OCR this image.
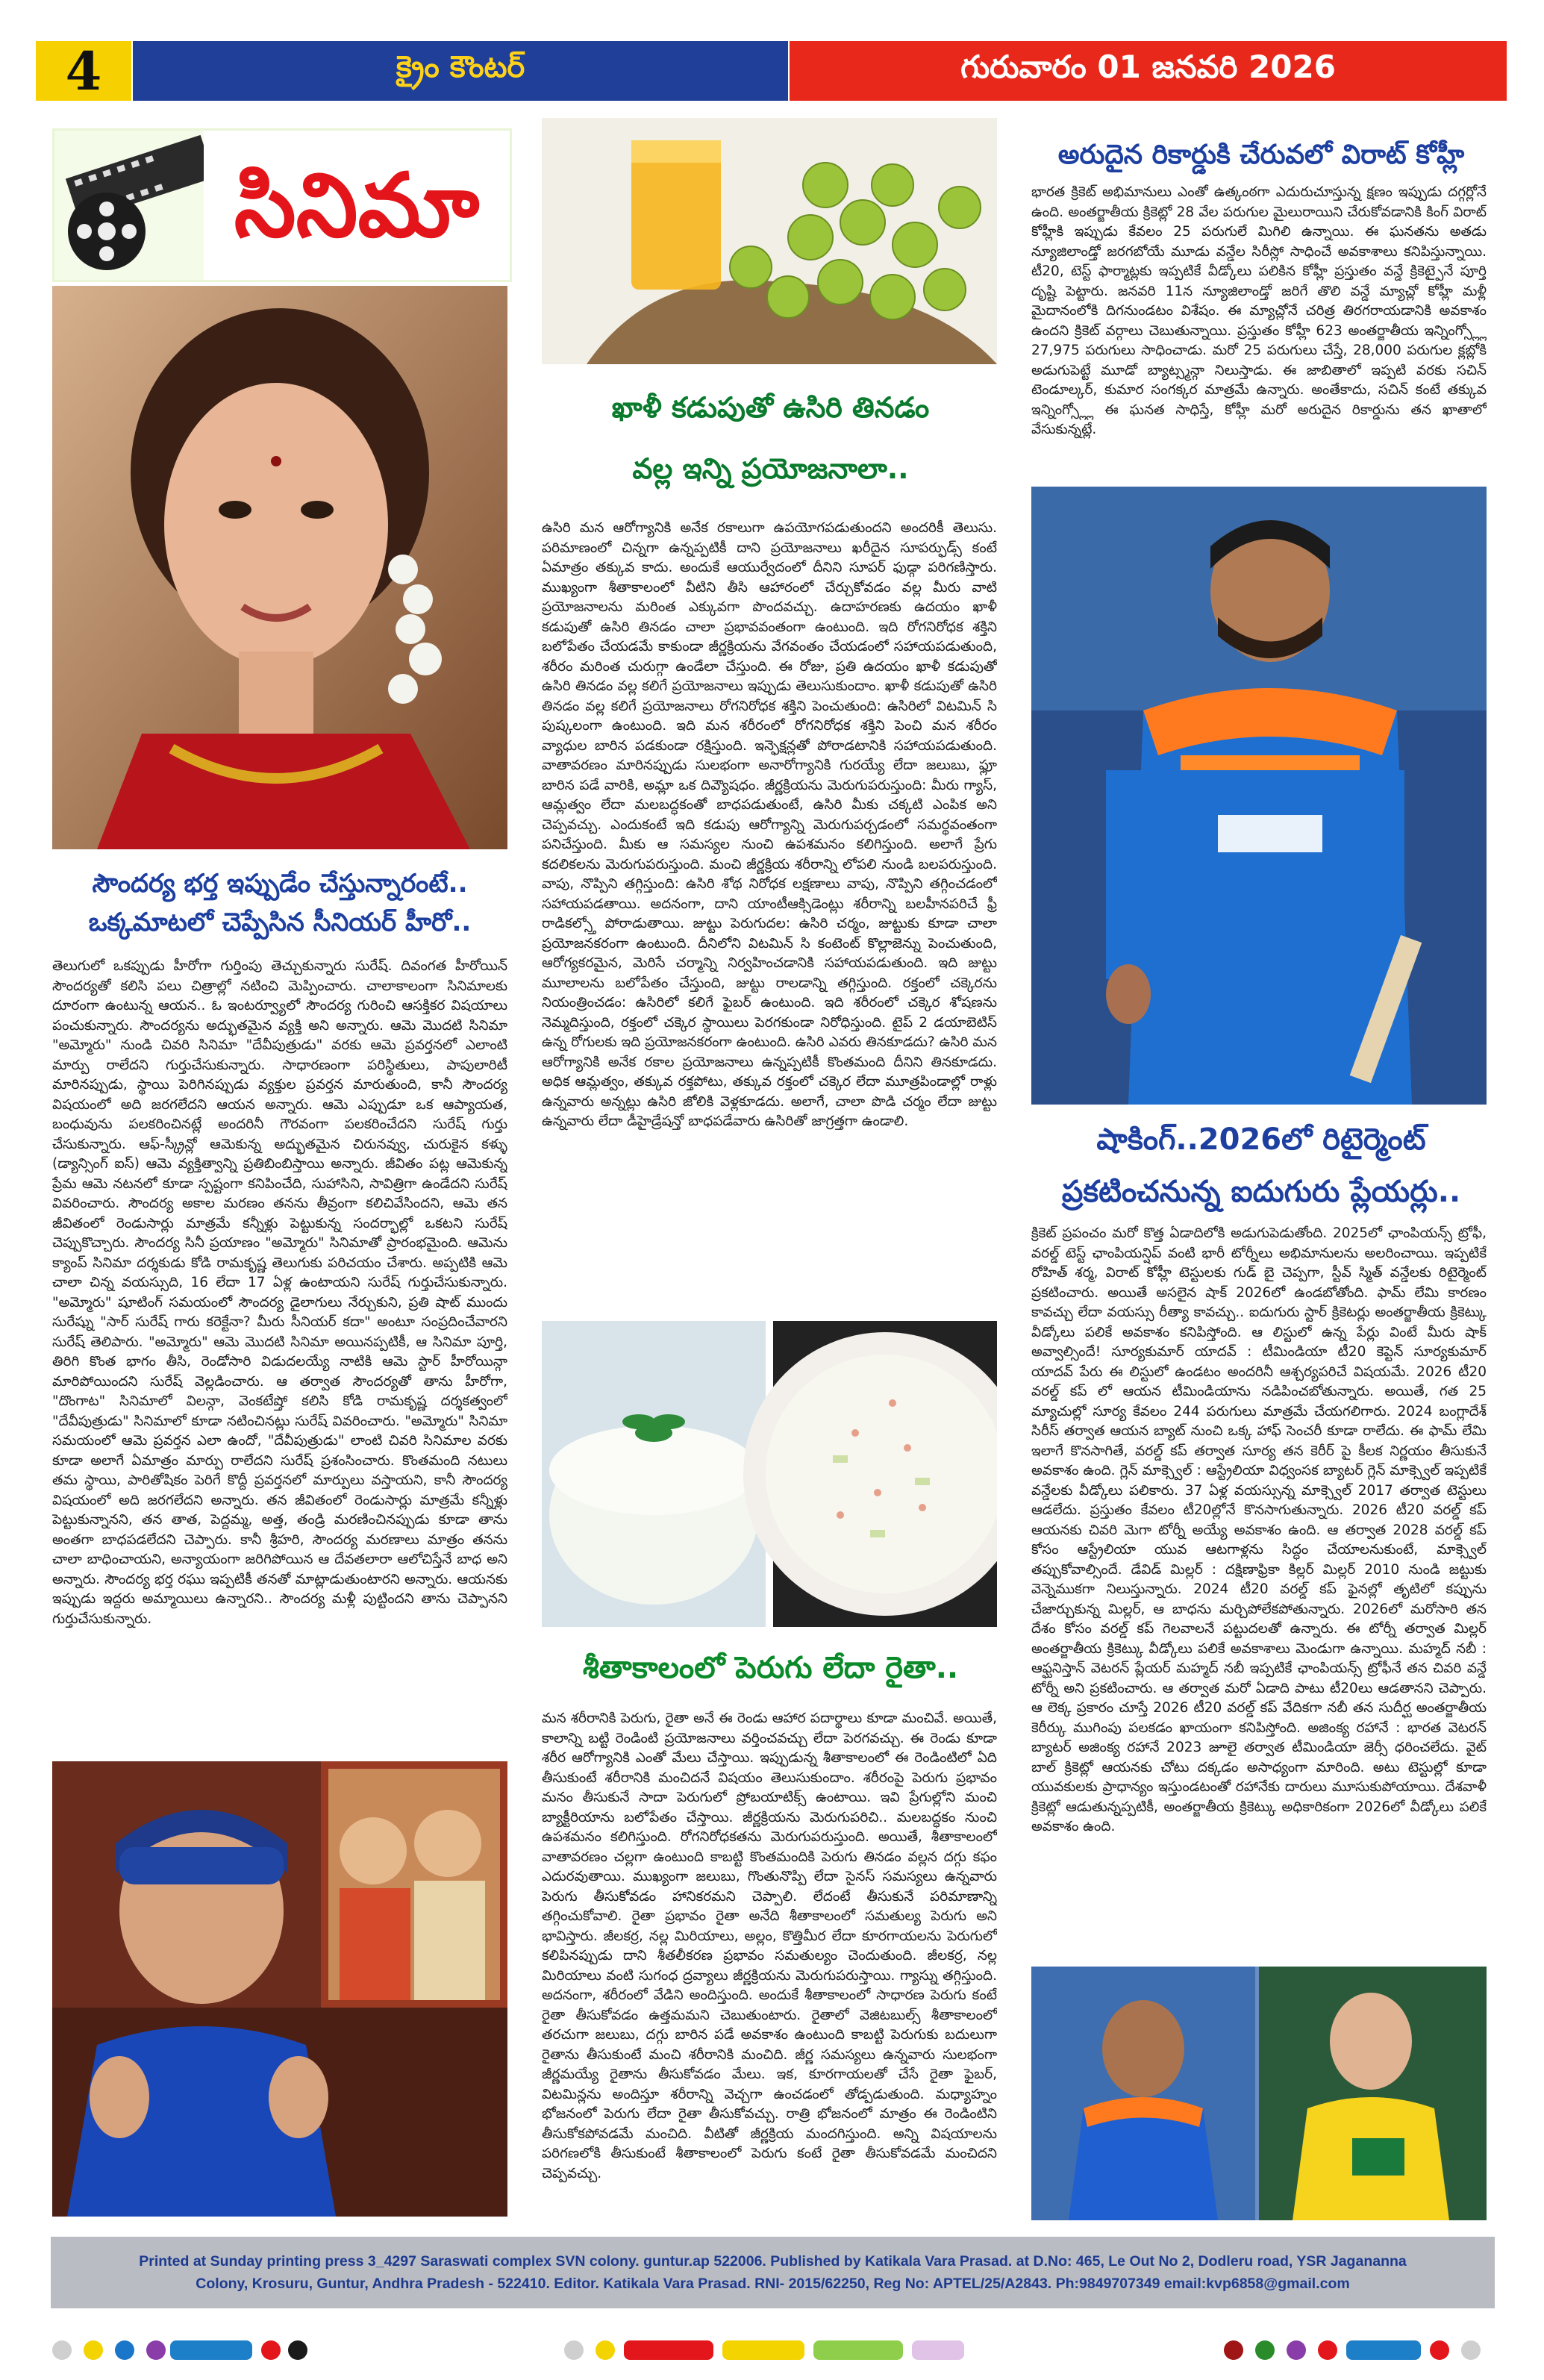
4	క్రైం కౌంటర్	గురువారం 01 జనవరి 2026
సినిమా
సౌందర్య భర్త ఇప్పుడేం చేస్తున్నారంటే..
ఒక్కమాటలో చెప్పేసిన సీనియర్ హీరో..
తెలుగులో ఒకప్పుడు హీరోగా గుర్తింపు తెచ్చుకున్నారు సురేష్. దివంగత హీరోయిన్ సౌందర్యతో కలిసి పలు చిత్రాల్లో నటించి మెప్పించారు. చాలాకాలంగా సినిమాలకు దూరంగా ఉంటున్న ఆయన.. ఓ ఇంటర్వ్యూలో సౌందర్య గురించి ఆసక్తికర విషయాలు పంచుకున్నారు. సౌందర్యను అద్భుతమైన వ్యక్తి అని అన్నారు. ఆమె మొదటి సినిమా "అమ్మోరు" నుండి చివరి సినిమా "దేవీపుత్రుడు" వరకు ఆమె ప్రవర్తనలో ఎలాంటి మార్పు రాలేదని గుర్తుచేసుకున్నారు. సాధారణంగా పరిస్థితులు, పాపులారిటీ మారినప్పుడు, స్థాయి పెరిగినప్పుడు వ్యక్తుల ప్రవర్తన మారుతుంది, కానీ సౌందర్య విషయంలో అది జరగలేదని ఆయన అన్నారు. ఆమె ఎప్పుడూ ఒక ఆప్యాయత, బంధువును పలకరించినట్లే అందరినీ గౌరవంగా పలకరించేదని సురేష్ గుర్తు చేసుకున్నారు. ఆఫ్-స్క్రీన్లో ఆమెకున్న అద్భుతమైన చిరునవ్వు, చురుకైన కళ్ళు (డ్యాన్సింగ్ ఐస్) ఆమె వ్యక్తిత్వాన్ని ప్రతిబింబిస్తాయి అన్నారు. జీవితం పట్ల ఆమెకున్న ప్రేమ ఆమె నటనలో కూడా స్పష్టంగా కనిపించేది, సుహాసిని, సావిత్రిగా ఉండేదని సురేష్ వివరించారు. సౌందర్య అకాల మరణం తనను తీవ్రంగా కలిచివేసిందని, ఆమె తన జీవితంలో రెండుసార్లు మాత్రమే కన్నీళ్లు పెట్టుకున్న సందర్భాల్లో ఒకటని సురేష్ చెప్పుకొచ్చారు. సౌందర్య సినీ ప్రయాణం "అమ్మోరు" సినిమాతో ప్రారంభమైంది. ఆమెను క్యాంప్ సినిమా దర్శకుడు కోడి రామకృష్ణ తెలుగుకు పరిచయం చేశారు. అప్పటికి ఆమె చాలా చిన్న వయస్సుది, 16 లేదా 17 ఏళ్ల ఉంటాయని సురేష్ గుర్తుచేసుకున్నారు. "అమ్మోరు" షూటింగ్ సమయంలో సౌందర్య డైలాగులు నేర్చుకుని, ప్రతి షాట్ ముందు సురేష్ను "సార్ సురేష్ గారు కరెక్టేనా? మీరు సీనియర్ కదా" అంటూ సంప్రదించేవారని సురేష్ తెలిపారు. "అమ్మోరు" ఆమె మొదటి సినిమా అయినప్పటికీ, ఆ సినిమా పూర్తి, తిరిగి కొంత భాగం తీసి, రెండోసారి విడుదలయ్యే నాటికి ఆమె స్టార్ హీరోయిన్గా మారిపోయిందని సురేష్ వెల్లడించారు. ఆ తర్వాత సౌందర్యతో తాను హీరోగా, "దొంగాట" సినిమాలో విలన్గా, వెంకటేష్తో కలిసి కోడి రామకృష్ణ దర్శకత్వంలో "దేవీపుత్రుడు" సినిమాలో కూడా నటించినట్లు సురేష్ వివరించారు. "అమ్మోరు" సినిమా సమయంలో ఆమె ప్రవర్తన ఎలా ఉందో, "దేవీపుత్రుడు" లాంటి చివరి సినిమాల వరకు కూడా అలాగే ఏమాత్రం మార్పు రాలేదని సురేష్ ప్రశంసించారు. కొంతమంది నటులు తమ స్థాయి, పారితోషికం పెరిగే కొద్దీ ప్రవర్తనలో మార్పులు వస్తాయని, కానీ సౌందర్య విషయంలో అది జరగలేదని అన్నారు. తన జీవితంలో రెండుసార్లు మాత్రమే కన్నీళ్లు పెట్టుకున్నానని, తన తాత, పెద్దమ్మ, అత్త, తండ్రి మరణించినప్పుడు కూడా తాను అంతగా బాధపడలేదని చెప్పారు. కానీ శ్రీహరి, సౌందర్య మరణాలు మాత్రం తనను చాలా బాధించాయని, అన్యాయంగా జరిగిపోయిన ఆ దేవతలారా ఆలోచిస్తేనే బాధ అని అన్నారు. సౌందర్య భర్త రఘు ఇప్పటికీ తనతో మాట్లాడుతుంటారని అన్నారు. ఆయనకు ఇప్పుడు ఇద్దరు అమ్మాయిలు ఉన్నారని.. సౌందర్య మళ్లీ పుట్టిందని తాను చెప్పానని గుర్తుచేసుకున్నారు.
ఖాళీ కడుపుతో ఉసిరి తినడం
వల్ల ఇన్ని ప్రయోజనాలా..
ఉసిరి మన ఆరోగ్యానికి అనేక రకాలుగా ఉపయోగపడుతుందని అందరికీ తెలుసు. పరిమాణంలో చిన్నగా ఉన్నప్పటికీ దాని ప్రయోజనాలు ఖరీదైన సూపర్ఫుడ్స్ కంటే ఏమాత్రం తక్కువ కాదు. అందుకే ఆయుర్వేదంలో దీనిని సూపర్ ఫుడ్గా పరిగణిస్తారు. ముఖ్యంగా శీతాకాలంలో వీటిని తీసి ఆహారంలో చేర్చుకోవడం వల్ల మీరు వాటి ప్రయోజనాలను మరింత ఎక్కువగా పొందవచ్చు. ఉదాహరణకు ఉదయం ఖాళీ కడుపుతో ఉసిరి తినడం చాలా ప్రభావవంతంగా ఉంటుంది. ఇది రోగనిరోధక శక్తిని బలోపేతం చేయడమే కాకుండా జీర్ణక్రియను వేగవంతం చేయడంలో సహాయపడుతుంది, శరీరం మరింత చురుగ్గా ఉండేలా చేస్తుంది. ఈ రోజు, ప్రతి ఉదయం ఖాళీ కడుపుతో ఉసిరి తినడం వల్ల కలిగే ప్రయోజనాలు ఇప్పుడు తెలుసుకుందాం. ఖాళీ కడుపుతో ఉసిరి తినడం వల్ల కలిగే ప్రయోజనాలు రోగనిరోధక శక్తిని పెంచుతుంది: ఉసిరిలో విటమిన్ సి పుష్కలంగా ఉంటుంది. ఇది మన శరీరంలో రోగనిరోధక శక్తిని పెంచి మన శరీరం వ్యాధుల బారిన పడకుండా రక్షిస్తుంది. ఇన్ఫెక్షన్లతో పోరాడటానికి సహాయపడుతుంది. వాతావరణం మారినప్పుడు సులభంగా అనారోగ్యానికి గురయ్యే లేదా జలుబు, ఫ్లూ బారిన పడే వారికి, అమ్లా ఒక దివ్యౌషధం. జీర్ణక్రియను మెరుగుపరుస్తుంది: మీరు గ్యాస్, ఆమ్లత్వం లేదా మలబద్ధకంతో బాధపడుతుంటే, ఉసిరి మీకు చక్కటి ఎంపిక అని చెప్పవచ్చు. ఎందుకంటే ఇది కడుపు ఆరోగ్యాన్ని మెరుగుపర్చడంలో సమర్థవంతంగా పనిచేస్తుంది. మీకు ఆ సమస్యల నుంచి ఉపశమనం కలిగిస్తుంది. అలాగే ప్రేగు కదలికలను మెరుగుపరుస్తుంది. మంచి జీర్ణక్రియ శరీరాన్ని లోపలి నుండి బలపరుస్తుంది. వాపు, నొప్పిని తగ్గిస్తుంది: ఉసిరి శోథ నిరోధక లక్షణాలు వాపు, నొప్పిని తగ్గించడంలో సహాయపడతాయి. అదనంగా, దాని యాంటీఆక్సిడెంట్లు శరీరాన్ని బలహీనపరిచే ఫ్రీ రాడికల్స్తో పోరాడుతాయి. జుట్టు పెరుగుదల: ఉసిరి చర్మం, జుట్టుకు కూడా చాలా ప్రయోజనకరంగా ఉంటుంది. దీనిలోని విటమిన్ సి కంటెంట్ కొల్లాజెన్ను పెంచుతుంది, ఆరోగ్యకరమైన, మెరిసే చర్మాన్ని నిర్వహించడానికి సహాయపడుతుంది. ఇది జుట్టు మూలాలను బలోపేతం చేస్తుంది, జుట్టు రాలడాన్ని తగ్గిస్తుంది. రక్తంలో చక్కెరను నియంత్రించడం: ఉసిరిలో కలిగే ఫైబర్ ఉంటుంది. ఇది శరీరంలో చక్కెర శోషణను నెమ్మదిస్తుంది, రక్తంలో చక్కెర స్థాయిలు పెరగకుండా నిరోధిస్తుంది. టైప్ 2 డయాబెటిస్ ఉన్న రోగులకు ఇది ప్రయోజనకరంగా ఉంటుంది. ఉసిరి ఎవరు తినకూడదు? ఉసిరి మన ఆరోగ్యానికి అనేక రకాల ప్రయోజనాలు ఉన్నప్పటికీ కొంతమంది దీనిని తినకూడదు. అధిక ఆమ్లత్వం, తక్కువ రక్తపోటు, తక్కువ రక్తంలో చక్కెర లేదా మూత్రపిండాల్లో రాళ్లు ఉన్నవారు అన్నట్లు ఉసిరి జోలికి వెళ్లకూడదు. అలాగే, చాలా పొడి చర్మం లేదా జుట్టు ఉన్నవారు లేదా డీహైడ్రేషన్తో బాధపడేవారు ఉసిరితో జాగ్రత్తగా ఉండాలి.
శీతాకాలంలో పెరుగు లేదా రైతా..
మన శరీరానికి పెరుగు, రైతా అనే ఈ రెండు ఆహార పదార్థాలు కూడా మంచివే. అయితే, కాలాన్ని బట్టి రెండింటి ప్రయోజనాలు వర్తించవచ్చు లేదా పెరగవచ్చు. ఈ రెండు కూడా శరీర ఆరోగ్యానికి ఎంతో మేలు చేస్తాయి. ఇప్పుడున్న శీతాకాలంలో ఈ రెండింటిలో ఏది తీసుకుంటే శరీరానికి మంచిదనే విషయం తెలుసుకుందాం. శరీరంపై పెరుగు ప్రభావం మనం తీసుకునే సాదా పెరుగులో ప్రోబయాటిక్స్ ఉంటాయి. ఇవి ప్రేగుల్లోని మంచి బ్యాక్టీరియాను బలోపేతం చేస్తాయి. జీర్ణక్రియను మెరుగుపరిచి.. మలబద్ధకం నుంచి ఉపశమనం కలిగిస్తుంది. రోగనిరోధకతను మెరుగుపరుస్తుంది. అయితే, శీతాకాలంలో వాతావరణం చల్లగా ఉంటుంది కాబట్టి కొంతమందికి పెరుగు తినడం వల్లన దగ్గు కఫం ఎదురవుతాయి. ముఖ్యంగా జలుబు, గొంతునొప్పి లేదా సైనస్ సమస్యలు ఉన్నవారు పెరుగు తీసుకోవడం హానికరమని చెప్పాలి. లేదంటే తీసుకునే పరిమాణాన్ని తగ్గించుకోవాలి. రైతా ప్రభావం రైతా అనేది శీతాకాలంలో సమతుల్య పెరుగు అని భావిస్తారు. జీలకర్ర, నల్ల మిరియాలు, అల్లం, కొత్తిమీర లేదా కూరగాయలను పెరుగులో కలిపినప్పుడు దాని శీతలీకరణ ప్రభావం సమతుల్యం చెందుతుంది. జీలకర్ర, నల్ల మిరియాలు వంటి సుగంధ ద్రవ్యాలు జీర్ణక్రియను మెరుగుపరుస్తాయి. గ్యాస్ను తగ్గిస్తుంది. అదనంగా, శరీరంలో వేడిని అందిస్తుంది. అందుకే శీతాకాలంలో సాధారణ పెరుగు కంటే రైతా తీసుకోవడం ఉత్తమమని చెబుతుంటారు. రైతాలో వెజిటబుల్స్ శీతాకాలంలో తరచుగా జలుబు, దగ్గు బారిన పడే అవకాశం ఉంటుంది కాబట్టి పెరుగుకు బదులుగా రైతాను తీసుకుంటే మంచి శరీరానికి మంచిది. జీర్ణ సమస్యలు ఉన్నవారు సులభంగా జీర్ణమయ్యే రైతాను తీసుకోవడం మేలు. ఇక, కూరగాయలతో చేసే రైతా ఫైబర్, విటమిన్లను అందిస్తూ శరీరాన్ని వెచ్చగా ఉంచడంలో తోడ్పడుతుంది. మధ్యాహ్నం భోజనంలో పెరుగు లేదా రైతా తీసుకోవచ్చు. రాత్రి భోజనంలో మాత్రం ఈ రెండింటిని తీసుకోకపోవడమే మంచిది. వీటితో జీర్ణక్రియ మందగిస్తుంది. అన్ని విషయాలను పరిగణలోకి తీసుకుంటే శీతాకాలంలో పెరుగు కంటే రైతా తీసుకోవడమే మంచిదని చెప్పవచ్చు.
అరుదైన రికార్డుకి చేరువలో విరాట్ కోహ్లీ
భారత క్రికెట్ అభిమానులు ఎంతో ఉత్కంఠగా ఎదురుచూస్తున్న క్షణం ఇప్పుడు దగ్గర్లోనే ఉంది. అంతర్జాతీయ క్రికెట్లో 28 వేల పరుగుల మైలురాయిని చేరుకోవడానికి కింగ్ విరాట్ కోహ్లీకి ఇప్పుడు కేవలం 25 పరుగులే మిగిలి ఉన్నాయి. ఈ ఘనతను అతడు న్యూజిలాండ్తో జరగబోయే మూడు వన్డేల సిరీస్లో సాధించే అవకాశాలు కనిపిస్తున్నాయి. టీ20, టెస్ట్ ఫార్మాట్లకు ఇప్పటికే వీడ్కోలు పలికిన కోహ్లీ ప్రస్తుతం వన్డే క్రికెట్పైనే పూర్తి దృష్టి పెట్టారు. జనవరి 11న న్యూజిలాండ్తో జరిగే తొలి వన్డే మ్యాచ్లో కోహ్లీ మళ్లీ మైదానంలోకి దిగనుండటం విశేషం. ఈ మ్యాచ్లోనే చరిత్ర తిరగరాయడానికి అవకాశం ఉందని క్రికెట్ వర్గాలు చెబుతున్నాయి. ప్రస్తుతం కోహ్లీ 623 అంతర్జాతీయ ఇన్నింగ్స్ల్లో 27,975 పరుగులు సాధించాడు. మరో 25 పరుగులు చేస్తే, 28,000 పరుగుల క్లబ్లోకి అడుగుపెట్టే మూడో బ్యాట్స్మన్గా నిలుస్తాడు. ఈ జాబితాలో ఇప్పటి వరకు సచిన్ టెండూల్కర్, కుమార సంగక్కర మాత్రమే ఉన్నారు. అంతేకాదు, సచిన్ కంటే తక్కువ ఇన్నింగ్స్ల్లో ఈ ఘనత సాధిస్తే, కోహ్లీ మరో అరుదైన రికార్డును తన ఖాతాలో వేసుకున్నట్లే.
షాకింగ్..2026లో రిటైర్మెంట్
ప్రకటించనున్న ఐదుగురు ప్లేయర్లు..
క్రికెట్ ప్రపంచం మరో కొత్త ఏడాదిలోకి అడుగుపెడుతోంది. 2025లో ఛాంపియన్స్ ట్రోఫీ, వరల్డ్ టెస్ట్ ఛాంపియన్షిప్ వంటి భారీ టోర్నీలు అభిమానులను అలరించాయి. ఇప్పటికే రోహిత్ శర్మ, విరాట్ కోహ్లీ టెస్టులకు గుడ్ బై చెప్పగా, స్టీవ్ స్మిత్ వన్డేలకు రిటైర్మెంట్ ప్రకటించారు. అయితే అసలైన షాక్ 2026లో ఉండబోతోంది. ఫామ్ లేమి కారణం కావచ్చు లేదా వయస్సు రీత్యా కావచ్చు.. ఐదుగురు స్టార్ క్రికెటర్లు అంతర్జాతీయ క్రికెట్కు వీడ్కోలు పలికే అవకాశం కనిపిస్తోంది. ఆ లిస్టులో ఉన్న పేర్లు వింటే మీరు షాక్ అవ్వాల్సిందే! సూర్యకుమార్ యాదవ్ : టీమిండియా టీ20 కెప్టెన్ సూర్యకుమార్ యాదవ్ పేరు ఈ లిస్టులో ఉండటం అందరినీ ఆశ్చర్యపరిచే విషయమే. 2026 టీ20 వరల్డ్ కప్ లో ఆయన టీమిండియాను నడిపించబోతున్నారు. అయితే, గత 25 మ్యాచుల్లో సూర్య కేవలం 244 పరుగులు మాత్రమే చేయగలిగారు. 2024 బంగ్లాదేశ్ సిరీస్ తర్వాత ఆయన బ్యాట్ నుంచి ఒక్క హాఫ్ సెంచరీ కూడా రాలేదు. ఈ ఫామ్ లేమి ఇలాగే కొనసాగితే, వరల్డ్ కప్ తర్వాత సూర్య తన కెరీర్ పై కీలక నిర్ణయం తీసుకునే అవకాశం ఉంది. గ్లెన్ మాక్స్వెల్ : ఆస్ట్రేలియా విధ్వంసక బ్యాటర్ గ్లెన్ మాక్స్వెల్ ఇప్పటికే వన్డేలకు వీడ్కోలు పలికారు. 37 ఏళ్ల వయస్సున్న మాక్స్వెల్ 2017 తర్వాత టెస్టులు ఆడలేదు. ప్రస్తుతం కేవలం టీ20ల్లోనే కొనసాగుతున్నారు. 2026 టీ20 వరల్డ్ కప్ ఆయనకు చివరి మెగా టోర్నీ అయ్యే అవకాశం ఉంది. ఆ తర్వాత 2028 వరల్డ్ కప్ కోసం ఆస్ట్రేలియా యువ ఆటగాళ్లను సిద్ధం చేయాలనుకుంటే, మాక్స్వెల్ తప్పుకోవాల్సిందే. డేవిడ్ మిల్లర్ : దక్షిణాఫ్రికా కిల్లర్ మిల్లర్ 2010 నుండి జట్టుకు వెన్నెముకగా నిలుస్తున్నారు. 2024 టీ20 వరల్డ్ కప్ ఫైనల్లో తృటిలో కప్పును చేజార్చుకున్న మిల్లర్, ఆ బాధను మర్చిపోలేకపోతున్నారు. 2026లో మరోసారి తన దేశం కోసం వరల్డ్ కప్ గెలవాలనే పట్టుదలతో ఉన్నారు. ఈ టోర్నీ తర్వాత మిల్లర్ అంతర్జాతీయ క్రికెట్కు వీడ్కోలు పలికే అవకాశాలు మెండుగా ఉన్నాయి. మహ్మద్ నబీ : ఆఫ్ఘనిస్తాన్ వెటరన్ ప్లేయర్ మహ్మద్ నబీ ఇప్పటికే ఛాంపియన్స్ ట్రోఫీనే తన చివరి వన్డే టోర్నీ అని ప్రకటించారు. ఆ తర్వాత మరో ఏడాది పాటు టీ20లు ఆడతానని చెప్పారు. ఆ లెక్క ప్రకారం చూస్తే 2026 టీ20 వరల్డ్ కప్ వేదికగా నబీ తన సుదీర్ఘ అంతర్జాతీయ కెరీర్కు ముగింపు పలకడం ఖాయంగా కనిపిస్తోంది. అజింక్య రహానే : భారత వెటరన్ బ్యాటర్ అజింక్య రహానే 2023 జూలై తర్వాత టీమిండియా జెర్సీ ధరించలేదు. వైట్ బాల్ క్రికెట్లో ఆయనకు చోటు దక్కడం అసాధ్యంగా మారింది. అటు టెస్టుల్లో కూడా యువకులకు ప్రాధాన్యం ఇస్తుండటంతో రహానేకు దారులు మూసుకుపోయాయి. దేశవాళీ క్రికెట్లో ఆడుతున్నప్పటికీ, అంతర్జాతీయ క్రికెట్కు అధికారికంగా 2026లో వీడ్కోలు పలికే అవకాశం ఉంది.
Printed at Sunday printing press 3_4297 Saraswati complex SVN colony. guntur.ap 522006. Published by Katikala Vara Prasad. at D.No: 465, Le Out No 2, Dodleru road, YSR Jagananna
Colony, Krosuru, Guntur, Andhra Pradesh - 522410. Editor. Katikala Vara Prasad. RNI- 2015/62250, Reg No: APTEL/25/A2843. Ph:9849707349 email:kvp6858@gmail.com
